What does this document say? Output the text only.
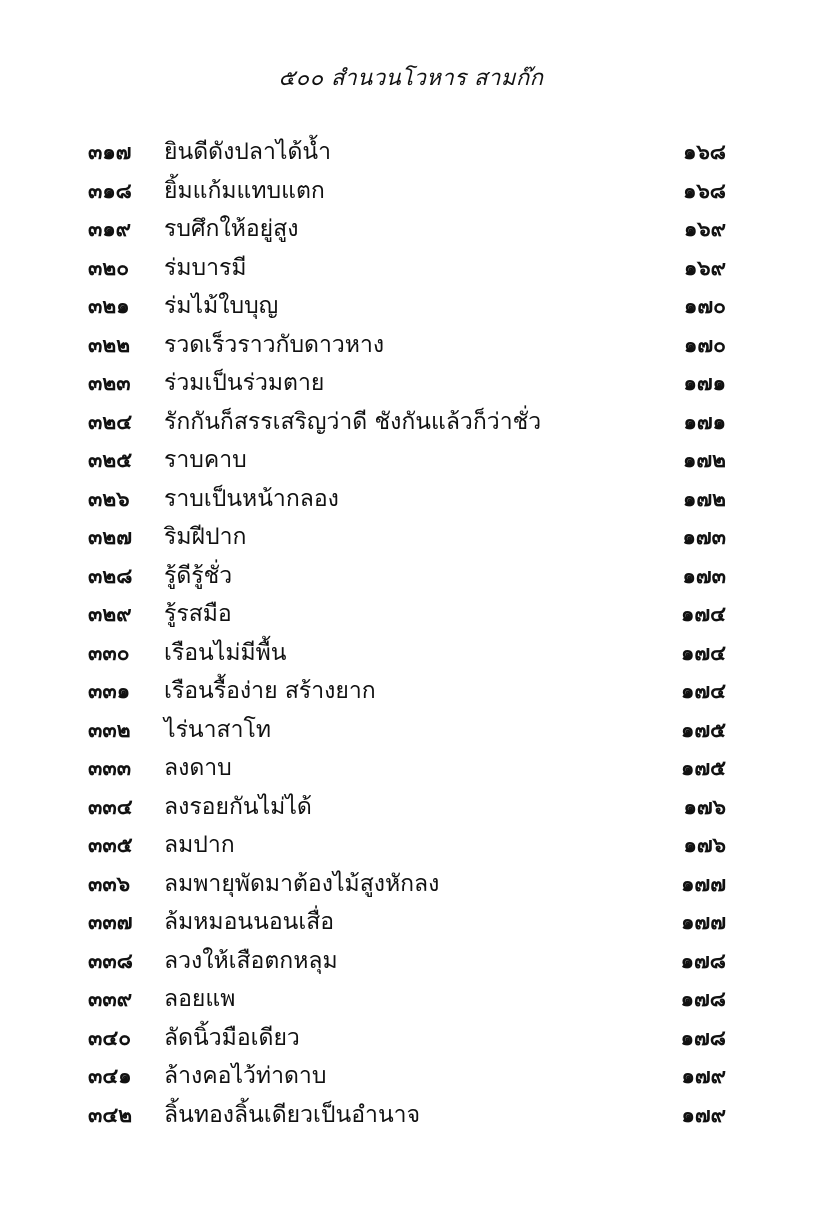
๕๐๐ สำนวนโวหาร สามก๊ก
๓๑๗ ยินดีดังปลาได้น้ำ	๑๖๘
๓๑๘ ยิ้มแก้มแทบแตก	๑๖๘
๓๑๙ รบศึกให้อยู่สูง	๑๖๙
๓๒๐ ร่มบารมี	๑๖๙
๓๒๑ ร่มไม้ใบบุญ	๑๗๐
๓๒๒ รวดเร็วราวกับดาวหาง	๑๗๐
๓๒๓ ร่วมเป็นร่วมตาย	๑๗๑
๓๒๔ รักกันก็สรรเสริญว่าดี ชังกันแล้วก็ว่าชั่ว	๑๗๑
๓๒๕ ราบคาบ	๑๗๒
๓๒๖ ราบเป็นหน้ากลอง	๑๗๒
๓๒๗ ริมฝีปาก	๑๗๓
๓๒๘ รู้ดีรู้ชั่ว	๑๗๓
๓๒๙ รู้รสมือ	๑๗๔
๓๓๐ เรือนไม่มีพื้น	๑๗๔
๓๓๑ เรือนรื้อง่าย สร้างยาก	๑๗๔
๓๓๒ ไร่นาสาโท	๑๗๕
๓๓๓ ลงดาบ	๑๗๕
๓๓๔ ลงรอยกันไม่ได้	๑๗๖
๓๓๕ ลมปาก	๑๗๖
๓๓๖ ลมพายุพัดมาต้องไม้สูงหักลง	๑๗๗
๓๓๗ ล้มหมอนนอนเสื่อ	๑๗๗
๓๓๘ ลวงให้เสือตกหลุม	๑๗๘
๓๓๙ ลอยแพ	๑๗๘
๓๔๐ ลัดนิ้วมือเดียว	๑๗๘
๓๔๑ ล้างคอไว้ท่าดาบ	๑๗๙
๓๔๒ ลิ้นทองลิ้นเดียวเป็นอำนาจ	๑๗๙
